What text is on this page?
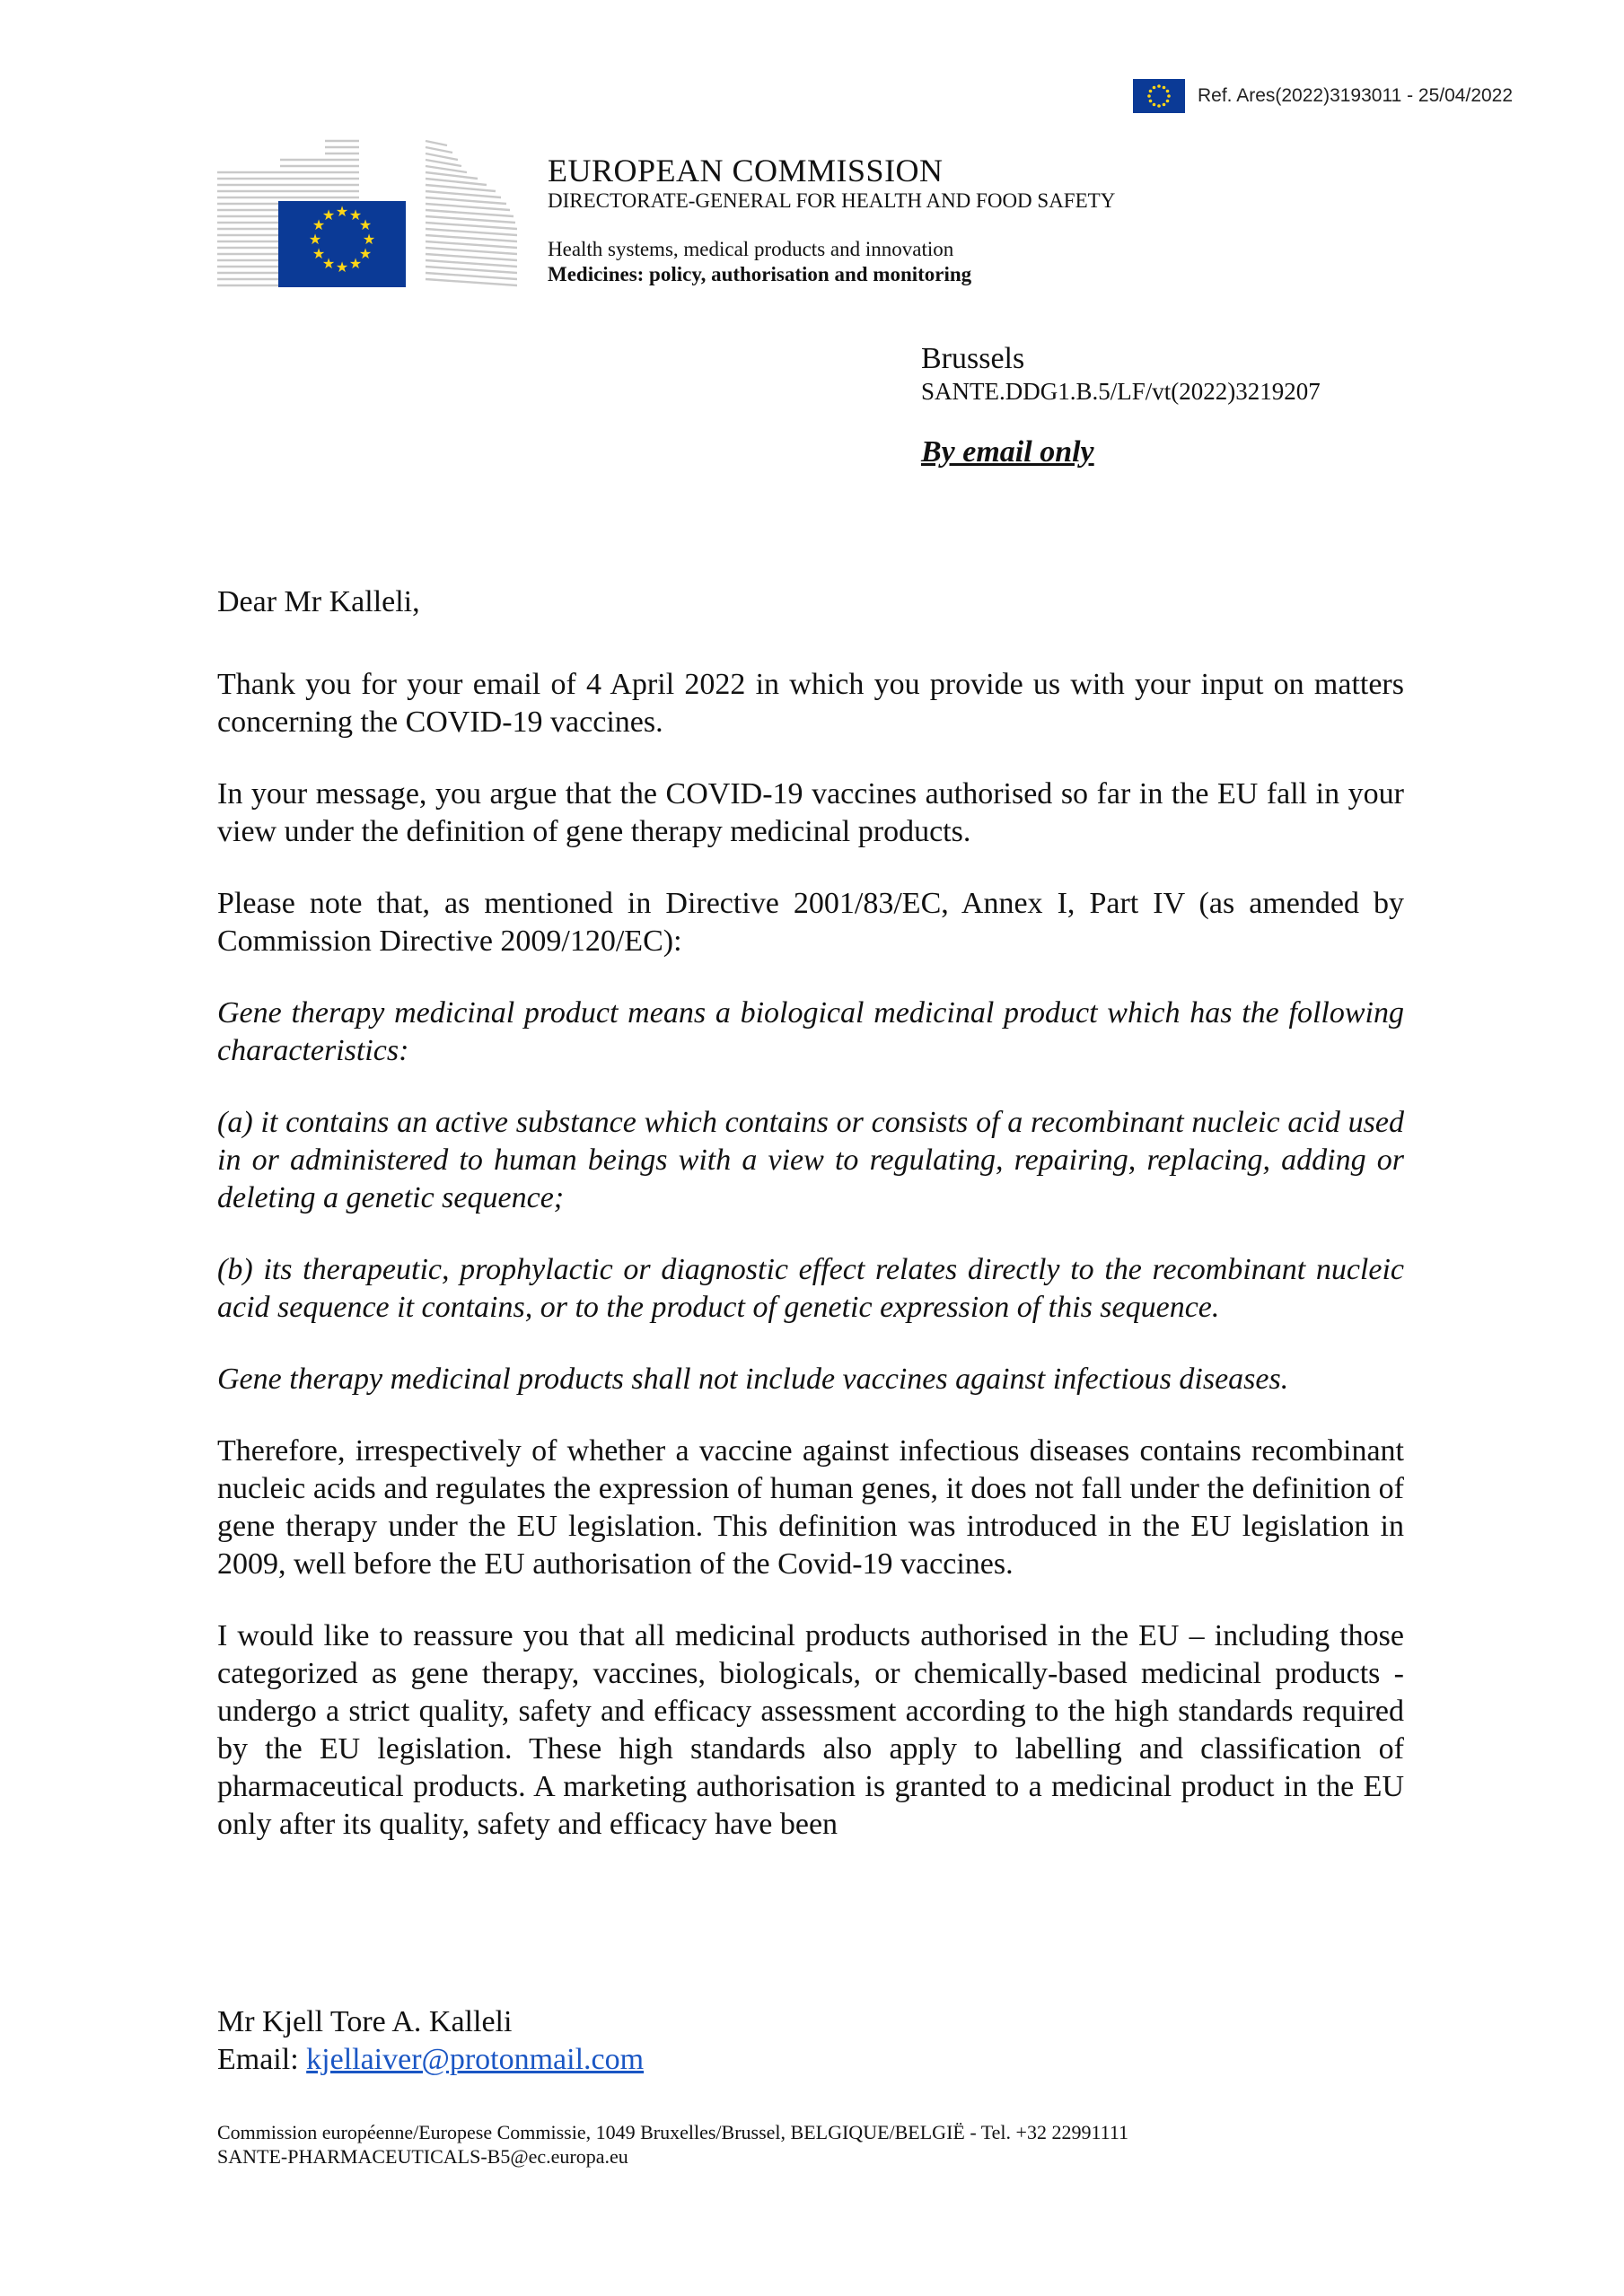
Ref. Ares(2022)3193011 - 25/04/2022
★ ★
★
★
★
★
★
★
★
★
★
★
EUROPEAN COMMISSION
DIRECTORATE-GENERAL FOR HEALTH AND FOOD SAFETY
Health systems, medical products and innovation
Medicines: policy, authorisation and monitoring
Brussels
SANTE.DDG1.B.5/LF/vt(2022)3219207
By email only

Dear Mr Kalleli,

Thank you for your email of 4 April 2022 in which you provide us with your input on matters concerning the COVID-19 vaccines.

In your message, you argue that the COVID-19 vaccines authorised so far in the EU fall in your view under the definition of gene therapy medicinal products.

Please note that, as mentioned in Directive 2001/83/EC, Annex I, Part IV (as amended by Commission Directive 2009/120/EC):

Gene therapy medicinal product means a biological medicinal product which has the following characteristics:

(a) it contains an active substance which contains or consists of a recombinant nucleic acid used in or administered to human beings with a view to regulating, repairing, replacing, adding or deleting a genetic sequence;

(b) its therapeutic, prophylactic or diagnostic effect relates directly to the recombinant nucleic acid sequence it contains, or to the product of genetic expression of this sequence.

Gene therapy medicinal products shall not include vaccines against infectious diseases.

Therefore, irrespectively of whether a vaccine against infectious diseases contains recombinant nucleic acids and regulates the expression of human genes, it does not fall under the definition of gene therapy under the EU legislation. This definition was introduced in the EU legislation in 2009, well before the EU authorisation of the Covid-19 vaccines.

I would like to reassure you that all medicinal products authorised in the EU – including those categorized as gene therapy, vaccines, biologicals, or chemically-based medicinal products - undergo a strict quality, safety and efficacy assessment according to the high standards required by the EU legislation. These high standards also apply to labelling and classification of pharmaceutical products. A marketing authorisation is granted to a medicinal product in the EU only after its quality, safety and efficacy have been

Mr Kjell Tore A. Kalleli
Email: kjellaiver@protonmail.com
Commission européenne/Europese Commissie, 1049 Bruxelles/Brussel, BELGIQUE/BELGIË - Tel. +32 22991111
SANTE-PHARMACEUTICALS-B5@ec.europa.eu
